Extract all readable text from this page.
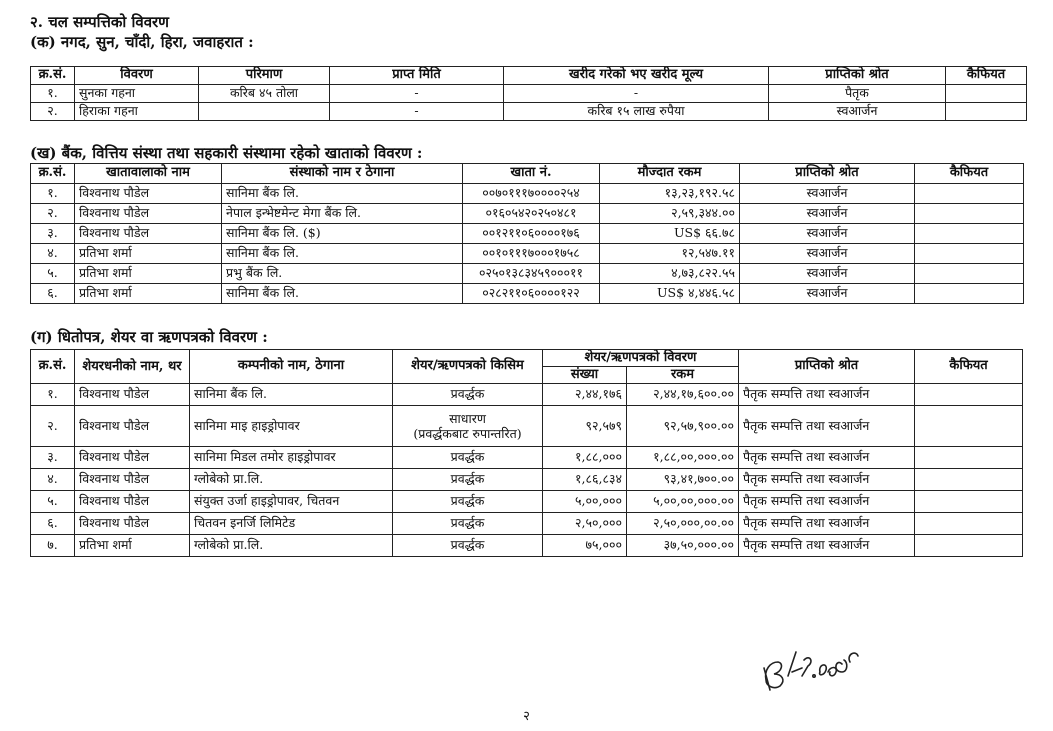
२. चल सम्पत्तिको विवरण
(क) नगद, सुन, चाँदी, हिरा, जवाहरात :
क्र.सं.	विवरण	परिमाण	प्राप्त मिति	खरीद गरेको भए खरीद मूल्य	प्राप्तिको श्रोत	कैफियत
१.	सुनका गहना	करिब ४५ तोला	-	-	पैतृक	
२.	हिराका गहना		-	करिब १५ लाख रुपैया	स्वआर्जन	
(ख) बैंक, वित्तिय संस्था तथा सहकारी संस्थामा रहेको खाताको विवरण :
क्र.सं.	खातावालाको नाम	संस्थाको नाम र ठेगाना	खाता नं.	मौज्दात रकम	प्राप्तिको श्रोत	कैफियत
१.	विश्वनाथ पौडेल	सानिमा बैंक लि.	००७०१११७००००२५४	१३,२३,१९२.५८	स्वआर्जन	
२.	विश्वनाथ पौडेल	नेपाल इन्भेष्टमेन्ट मेगा बैंक लि.	०१६०५४२०२५०४८१	२,५९,३४४.००	स्वआर्जन	
३.	विश्वनाथ पौडेल	सानिमा बैंक लि. ($)	००१२११०६००००१७६	US$ ६६.७८	स्वआर्जन	
४.	प्रतिभा शर्मा	सानिमा बैंक लि.	००१०१११७०००१७५८	१२,५४७.११	स्वआर्जन	
५.	प्रतिभा शर्मा	प्रभु बैंक लि.	०२५०१३८३४५९०००११	४,७३,८२२.५५	स्वआर्जन	
६.	प्रतिभा शर्मा	सानिमा बैंक लि.	०२८२११०६००००१२२	US$ ४,४४६.५८	स्वआर्जन	
(ग) धितोपत्र, शेयर वा ऋणपत्रको विवरण :
क्र.सं.	शेयरधनीको नाम, थर	कम्पनीको नाम, ठेगाना	शेयर/ऋणपत्रको किसिम	शेयर/ऋणपत्रको विवरण		प्राप्तिको श्रोत	कैफियत
				संख्या	रकम		
१.	विश्वनाथ पौडेल	सानिमा बैंक लि.	प्रवर्द्धक	२,४४,१७६	२,४४,१७,६००.००	पैतृक सम्पत्ति तथा स्वआर्जन	
२.	विश्वनाथ पौडेल	सानिमा माइ हाइड्रोपावर	साधारण
(प्रवर्द्धकबाट रुपान्तरित)	९२,५७९	९२,५७,९००.००	पैतृक सम्पत्ति तथा स्वआर्जन	
३.	विश्वनाथ पौडेल	सानिमा मिडल तमोर हाइड्रोपावर	प्रवर्द्धक	१,८८,०००	१,८८,००,०००.००	पैतृक सम्पत्ति तथा स्वआर्जन	
४.	विश्वनाथ पौडेल	ग्लोबेको प्रा.लि.	प्रवर्द्धक	१,८६,८३४	९३,४१,७००.००	पैतृक सम्पत्ति तथा स्वआर्जन	
५.	विश्वनाथ पौडेल	संयुक्त उर्जा हाइड्रोपावर, चितवन	प्रवर्द्धक	५,००,०००	५,००,००,०००.००	पैतृक सम्पत्ति तथा स्वआर्जन	
६.	विश्वनाथ पौडेल	चितवन इनर्जि लिमिटेड	प्रवर्द्धक	२,५०,०००	२,५०,०००,००.००	पैतृक सम्पत्ति तथा स्वआर्जन	
७.	प्रतिभा शर्मा	ग्लोबेको प्रा.लि.	प्रवर्द्धक	७५,०००	३७,५०,०००.००	पैतृक सम्पत्ति तथा स्वआर्जन	
२
